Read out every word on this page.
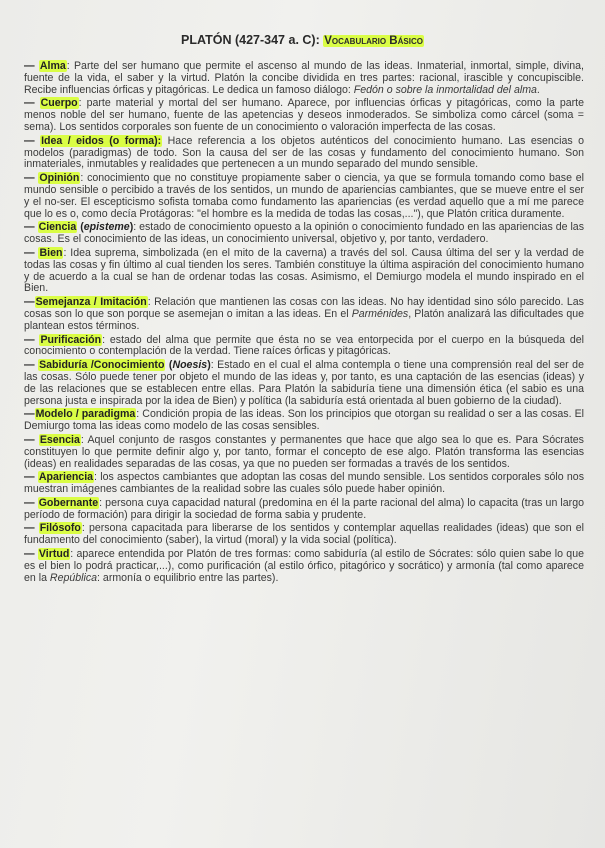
PLATÓN (427-347 a. C): Vocabulario Básico
— Alma: Parte del ser humano que permite el ascenso al mundo de las ideas. Inmaterial, inmortal, simple, divina, fuente de la vida, el saber y la virtud. Platón la concibe dividida en tres partes: racional, irascible y concupiscible. Recibe influencias órficas y pitagóricas. Le dedica un famoso diálogo: Fedón o sobre la inmortalidad del alma.
— Cuerpo: parte material y mortal del ser humano. Aparece, por influencias órficas y pitagóricas, como la parte menos noble del ser humano, fuente de las apetencias y deseos inmoderados. Se simboliza como cárcel (soma = sema). Los sentidos corporales son fuente de un conocimiento o valoración imperfecta de las cosas.
— Idea / eidos (o forma): Hace referencia a los objetos auténticos del conocimiento humano. Las esencias o modelos (paradigmas) de todo. Son la causa del ser de las cosas y fundamento del conocimiento humano. Son inmateriales, inmutables y realidades que pertenecen a un mundo separado del mundo sensible.
— Opinión: conocimiento que no constituye propiamente saber o ciencia, ya que se formula tomando como base el mundo sensible o percibido a través de los sentidos, un mundo de apariencias cambiantes, que se mueve entre el ser y el no-ser. El escepticismo sofista tomaba como fundamento las apariencias (es verdad aquello que a mí me parece que lo es o, como decía Protágoras: "el hombre es la medida de todas las cosas,..."), que Platón critica duramente.
— Ciencia (episteme): estado de conocimiento opuesto a la opinión o conocimiento fundado en las apariencias de las cosas. Es el conocimiento de las ideas, un conocimiento universal, objetivo y, por tanto, verdadero.
— Bien: Idea suprema, simbolizada (en el mito de la caverna) a través del sol. Causa última del ser y la verdad de todas las cosas y fin último al cual tienden los seres. También constituye la última aspiración del conocimiento humano y de acuerdo a la cual se han de ordenar todas las cosas. Asimismo, el Demiurgo modela el mundo inspirado en el Bien.
—Semejanza / Imitación: Relación que mantienen las cosas con las ideas. No hay identidad sino sólo parecido. Las cosas son lo que son porque se asemejan o imitan a las ideas. En el Parménides, Platón analizará las dificultades que plantean estos términos.
— Purificación: estado del alma que permite que ésta no se vea entorpecida por el cuerpo en la búsqueda del conocimiento o contemplación de la verdad. Tiene raíces órficas y pitagóricas.
— Sabiduría /Conocimiento (Noesis): Estado en el cual el alma contempla o tiene una comprensión real del ser de las cosas. Sólo puede tener por objeto el mundo de las ideas y, por tanto, es una captación de las esencias (ideas) y de las relaciones que se establecen entre ellas. Para Platón la sabiduría tiene una dimensión ética (el sabio es una persona justa e inspirada por la idea de Bien) y política (la sabiduría está orientada al buen gobierno de la ciudad).
—Modelo / paradigma: Condición propia de las ideas. Son los principios que otorgan su realidad o ser a las cosas. El Demiurgo toma las ideas como modelo de las cosas sensibles.
— Esencia: Aquel conjunto de rasgos constantes y permanentes que hace que algo sea lo que es. Para Sócrates constituyen lo que permite definir algo y, por tanto, formar el concepto de ese algo. Platón transforma las esencias (ideas) en realidades separadas de las cosas, ya que no pueden ser formadas a través de los sentidos.
— Apariencia: los aspectos cambiantes que adoptan las cosas del mundo sensible. Los sentidos corporales sólo nos muestran imágenes cambiantes de la realidad sobre las cuales sólo puede haber opinión.
— Gobernante: persona cuya capacidad natural (predomina en él la parte racional del alma) lo capacita (tras un largo período de formación) para dirigir la sociedad de forma sabia y prudente.
— Filósofo: persona capacitada para liberarse de los sentidos y contemplar aquellas realidades (ideas) que son el fundamento del conocimiento (saber), la virtud (moral) y la vida social (política).
— Virtud: aparece entendida por Platón de tres formas: como sabiduría (al estilo de Sócrates: sólo quien sabe lo que es el bien lo podrá practicar,...), como purificación (al estilo órfico, pitagórico y socrático) y armonía (tal como aparece en la República: armonía o equilibrio entre las partes).
